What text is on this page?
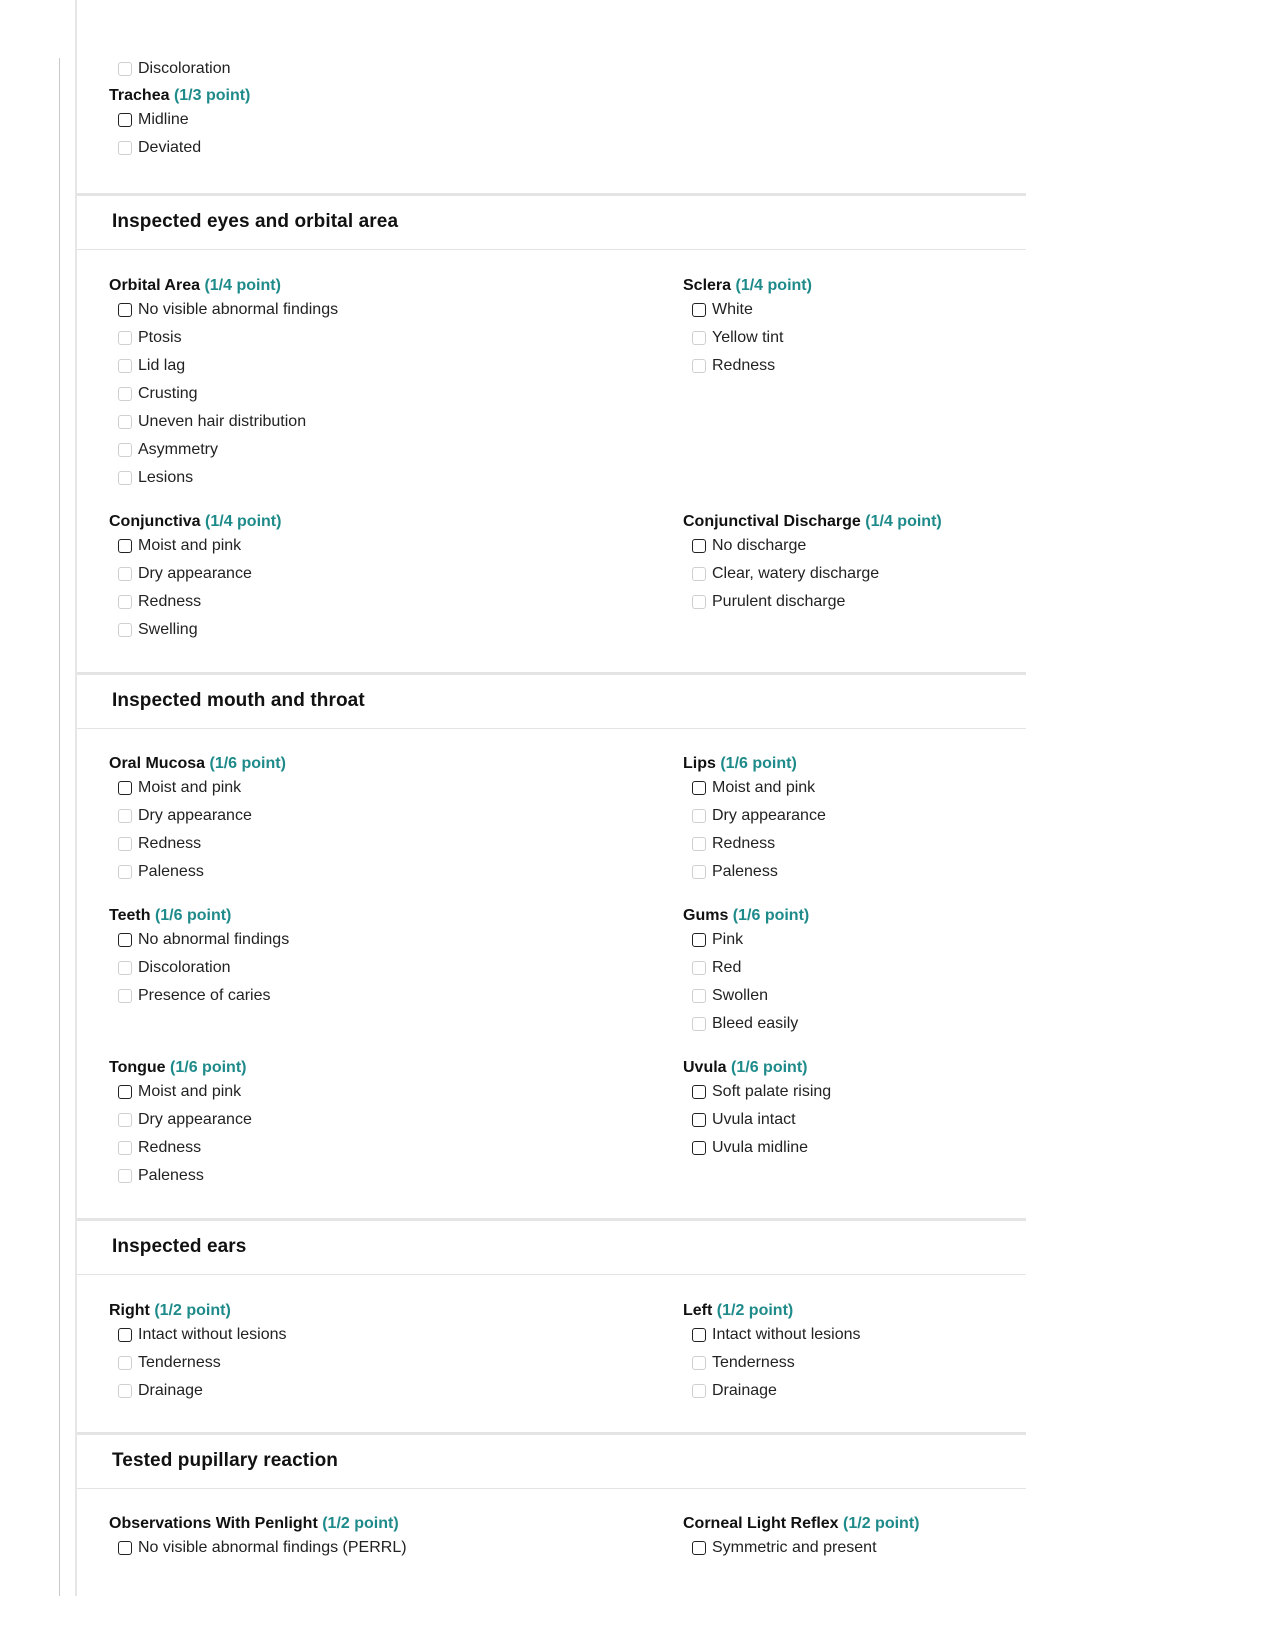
Discoloration
Trachea (1/3 point)
Midline
Deviated
Inspected eyes and orbital area
Orbital Area (1/4 point)
No visible abnormal findings
Ptosis
Lid lag
Crusting
Uneven hair distribution
Asymmetry
Lesions
Sclera (1/4 point)
White
Yellow tint
Redness
Conjunctiva (1/4 point)
Moist and pink
Dry appearance
Redness
Swelling
Conjunctival Discharge (1/4 point)
No discharge
Clear, watery discharge
Purulent discharge
Inspected mouth and throat
Oral Mucosa (1/6 point)
Moist and pink
Dry appearance
Redness
Paleness
Lips (1/6 point)
Moist and pink
Dry appearance
Redness
Paleness
Teeth (1/6 point)
No abnormal findings
Discoloration
Presence of caries
Gums (1/6 point)
Pink
Red
Swollen
Bleed easily
Tongue (1/6 point)
Moist and pink
Dry appearance
Redness
Paleness
Uvula (1/6 point)
Soft palate rising
Uvula intact
Uvula midline
Inspected ears
Right (1/2 point)
Intact without lesions
Tenderness
Drainage
Left (1/2 point)
Intact without lesions
Tenderness
Drainage
Tested pupillary reaction
Observations With Penlight (1/2 point)
No visible abnormal findings (PERRL)
Corneal Light Reflex (1/2 point)
Symmetric and present
